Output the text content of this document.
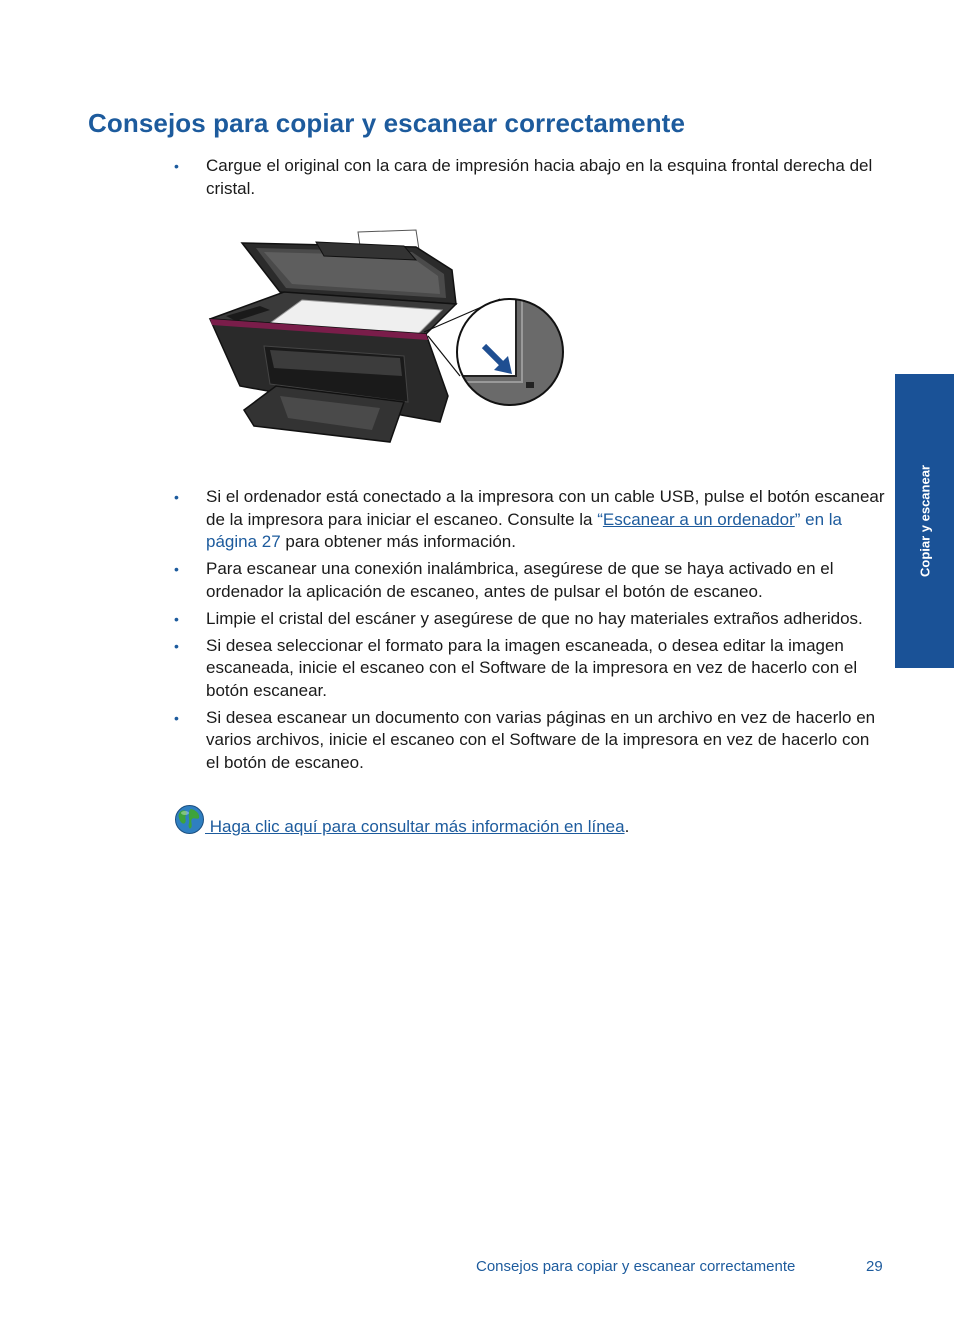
Consejos para copiar y escanear correctamente
• Cargue el original con la cara de impresión hacia abajo en la esquina frontal derecha del cristal.
• Si el ordenador está conectado a la impresora con un cable USB, pulse el botón escanear de la impresora para iniciar el escaneo. Consulte la “Escanear a un ordenador” en la página 27 para obtener más información.
• Para escanear una conexión inalámbrica, asegúrese de que se haya activado en el ordenador la aplicación de escaneo, antes de pulsar el botón de escaneo.
• Limpie el cristal del escáner y asegúrese de que no hay materiales extraños adheridos.
• Si desea seleccionar el formato para la imagen escaneada, o desea editar la imagen escaneada, inicie el escaneo con el Software de la impresora en vez de hacerlo con el botón escanear.
• Si desea escanear un documento con varias páginas en un archivo en vez de hacerlo en varios archivos, inicie el escaneo con el Software de la impresora en vez de hacerlo con el botón de escaneo.
Haga clic aquí para consultar más información en línea.
Copiar y escanear
Consejos para copiar y escanear correctamente	29
